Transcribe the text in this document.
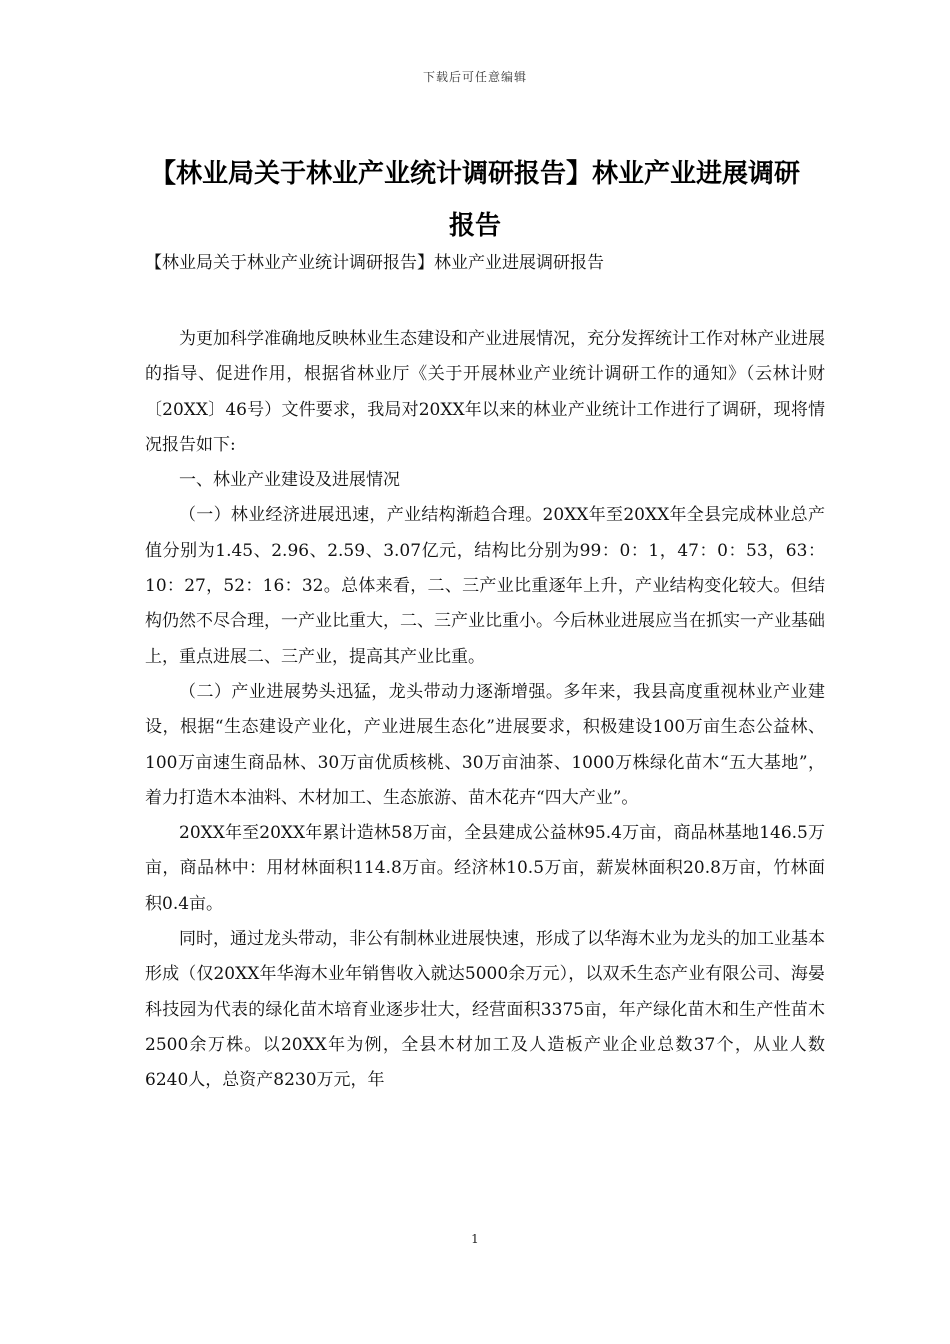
下载后可任意编辑
【林业局关于林业产业统计调研报告】林业产业进展调研报告

【林业局关于林业产业统计调研报告】林业产业进展调研报告

为更加科学准确地反映林业生态建设和产业进展情况，充分发挥统计工作对林产业进展的指导、促进作用，根据省林业厅《关于开展林业产业统计调研工作的通知》（云林计财〔20XX〕46号）文件要求，我局对20XX年以来的林业产业统计工作进行了调研，现将情况报告如下:

一、林业产业建设及进展情况

（一）林业经济进展迅速，产业结构渐趋合理。20XX年至20XX年全县完成林业总产值分别为1.45、2.96、2.59、3.07亿元，结构比分别为99：0：1，47：0：53，63：10：27，52：16：32。总体来看，二、三产业比重逐年上升，产业结构变化较大。但结构仍然不尽合理，一产业比重大，二、三产业比重小。今后林业进展应当在抓实一产业基础上，重点进展二、三产业，提高其产业比重。

（二）产业进展势头迅猛，龙头带动力逐渐增强。多年来，我县高度重视林业产业建设，根据“生态建设产业化，产业进展生态化”进展要求，积极建设100万亩生态公益林、100万亩速生商品林、30万亩优质核桃、30万亩油茶、1000万株绿化苗木“五大基地”，着力打造木本油料、木材加工、生态旅游、苗木花卉“四大产业”。

20XX年至20XX年累计造林58万亩，全县建成公益林95.4万亩，商品林基地146.5万亩，商品林中：用材林面积114.8万亩。经济林10.5万亩，薪炭林面积20.8万亩，竹林面积0.4亩。

同时，通过龙头带动，非公有制林业进展快速，形成了以华海木业为龙头的加工业基本形成（仅20XX年华海木业年销售收入就达5000余万元），以双禾生态产业有限公司、海晏科技园为代表的绿化苗木培育业逐步壮大，经营面积3375亩，年产绿化苗木和生产性苗木2500余万株。以20XX年为例，全县木材加工及人造板产业企业总数37个，从业人数6240人，总资产8230万元，年

1
